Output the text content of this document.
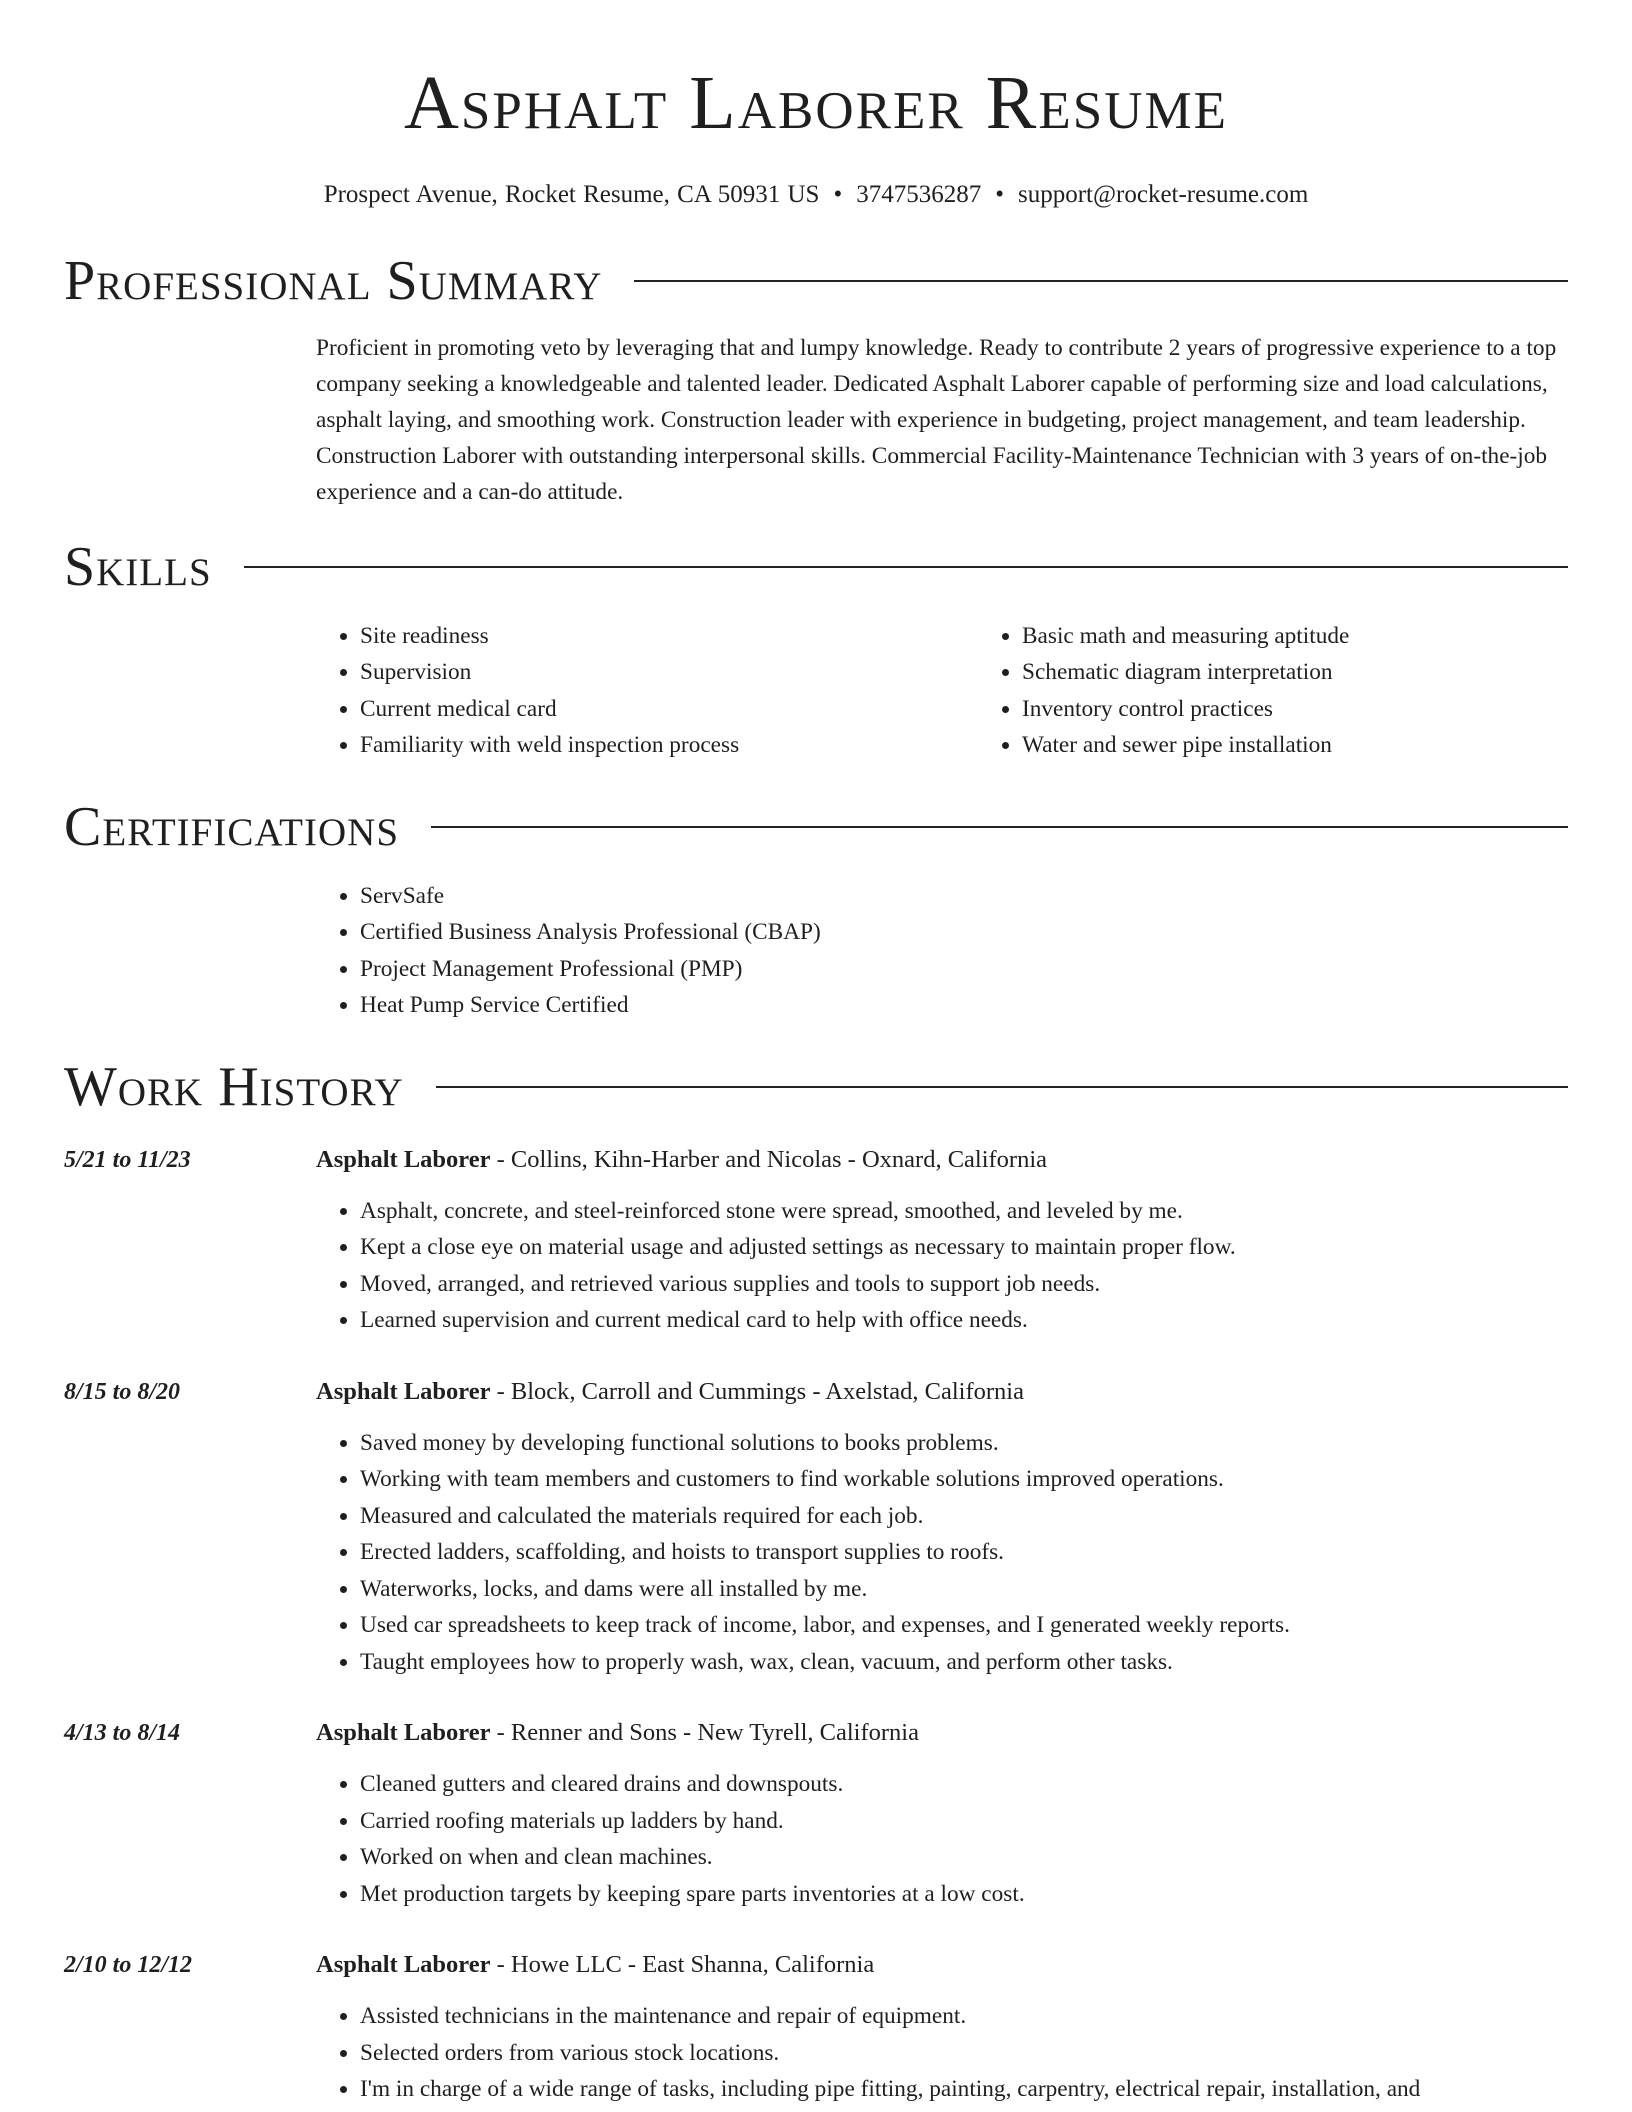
Asphalt Laborer Resume
Prospect Avenue, Rocket Resume, CA 50931 US • 3747536287 • support@rocket-resume.com
Professional Summary

Proficient in promoting veto by leveraging that and lumpy knowledge. Ready to contribute 2 years of progressive experience to a top company seeking a knowledgeable and talented leader. Dedicated Asphalt Laborer capable of performing size and load calculations, asphalt laying, and smoothing work. Construction leader with experience in budgeting, project management, and team leadership. Construction Laborer with outstanding interpersonal skills. Commercial Facility-Maintenance Technician with 3 years of on-the-job experience and a can-do attitude.

Skills
• Site readiness
• Supervision
• Current medical card
• Familiarity with weld inspection process
• Basic math and measuring aptitude
• Schematic diagram interpretation
• Inventory control practices
• Water and sewer pipe installation
Certifications
• ServSafe
• Certified Business Analysis Professional (CBAP)
• Project Management Professional (PMP)
• Heat Pump Service Certified
Work History
5/21 to 11/23	Asphalt Laborer - Collins, Kihn-Harber and Nicolas - Oxnard, California
• Asphalt, concrete, and steel-reinforced stone were spread, smoothed, and leveled by me.
• Kept a close eye on material usage and adjusted settings as necessary to maintain proper flow.
• Moved, arranged, and retrieved various supplies and tools to support job needs.
• Learned supervision and current medical card to help with office needs.
8/15 to 8/20	Asphalt Laborer - Block, Carroll and Cummings - Axelstad, California
• Saved money by developing functional solutions to books problems.
• Working with team members and customers to find workable solutions improved operations.
• Measured and calculated the materials required for each job.
• Erected ladders, scaffolding, and hoists to transport supplies to roofs.
• Waterworks, locks, and dams were all installed by me.
• Used car spreadsheets to keep track of income, labor, and expenses, and I generated weekly reports.
• Taught employees how to properly wash, wax, clean, vacuum, and perform other tasks.
4/13 to 8/14	Asphalt Laborer - Renner and Sons - New Tyrell, California
• Cleaned gutters and cleared drains and downspouts.
• Carried roofing materials up ladders by hand.
• Worked on when and clean machines.
• Met production targets by keeping spare parts inventories at a low cost.
2/10 to 12/12	Asphalt Laborer - Howe LLC - East Shanna, California
• Assisted technicians in the maintenance and repair of equipment.
• Selected orders from various stock locations.
• I'm in charge of a wide range of tasks, including pipe fitting, painting, carpentry, electrical repair, installation, and
